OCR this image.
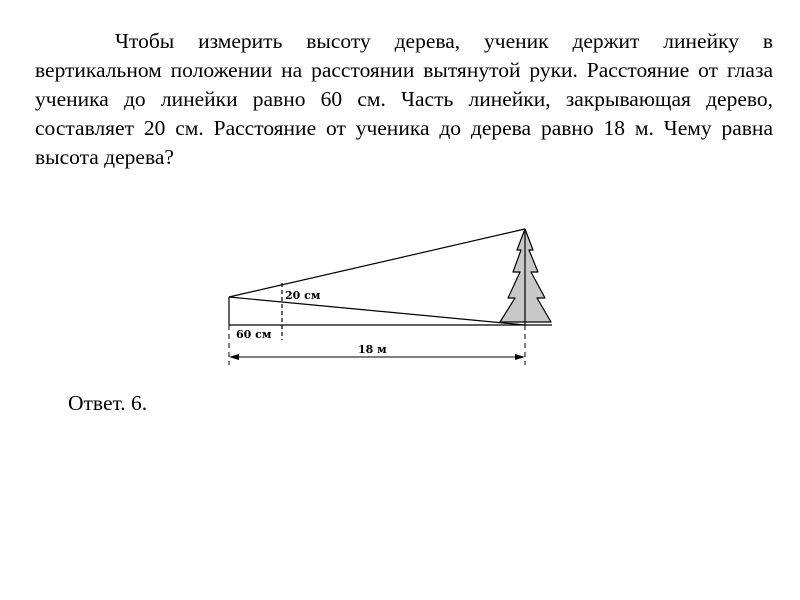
Чтобы измерить высоту дерева, ученик держит линейку в вертикальном положении на расстоянии вытянутой руки. Расстояние от глаза ученика до линейки равно 60 см. Часть линейки, закрывающая дерево, составляет 20 см. Расстояние от ученика до дерева равно 18 м. Чему равна высота дерева?

20 см
60 см
18 м

Ответ. 6.
